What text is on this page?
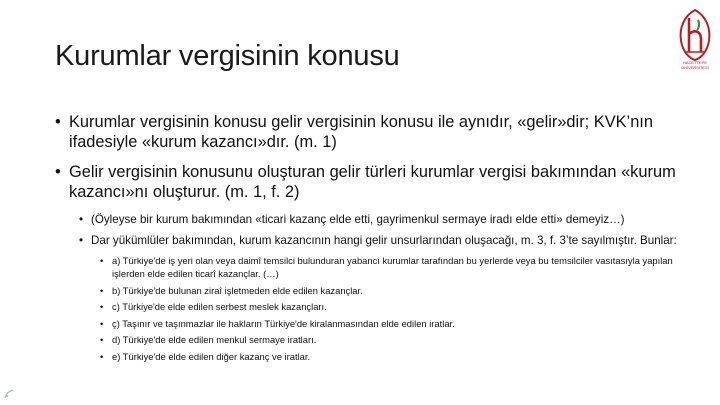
Kurumlar vergisinin konusu	HACETTEPE ÜNİVERSİTESİ
• Kurumlar vergisinin konusu gelir vergisinin konusu ile aynıdır, «gelir»dir; KVK’nın ifadesiyle «kurum kazancı»dır. (m. 1)
• Gelir vergisinin konusunu oluşturan gelir türleri kurumlar vergisi bakımından «kurum kazancı»nı oluşturur. (m. 1, f. 2)
• (Öyleyse bir kurum bakımından «ticari kazanç elde etti, gayrimenkul sermaye iradı elde etti» demeyiz…)
• Dar yükümlüler bakımından, kurum kazancının hangi gelir unsurlarından oluşacağı, m. 3, f. 3’te sayılmıştır. Bunlar:
• a) Türkiye'de iş yeri olan veya daimî temsilci bulunduran yabancı kurumlar tarafından bu yerlerde veya bu temsilciler vasıtasıyla yapılan işlerden elde edilen ticarî kazançlar. (…)
• b) Türkiye'de bulunan ziraî işletmeden elde edilen kazançlar.
• c) Türkiye'de elde edilen serbest meslek kazançları.
• ç) Taşınır ve taşınmazlar ile hakların Türkiye'de kiralanmasından elde edilen iratlar.
• d) Türkiye'de elde edilen menkul sermaye iratları.
• e) Türkiye'de elde edilen diğer kazanç ve iratlar.
